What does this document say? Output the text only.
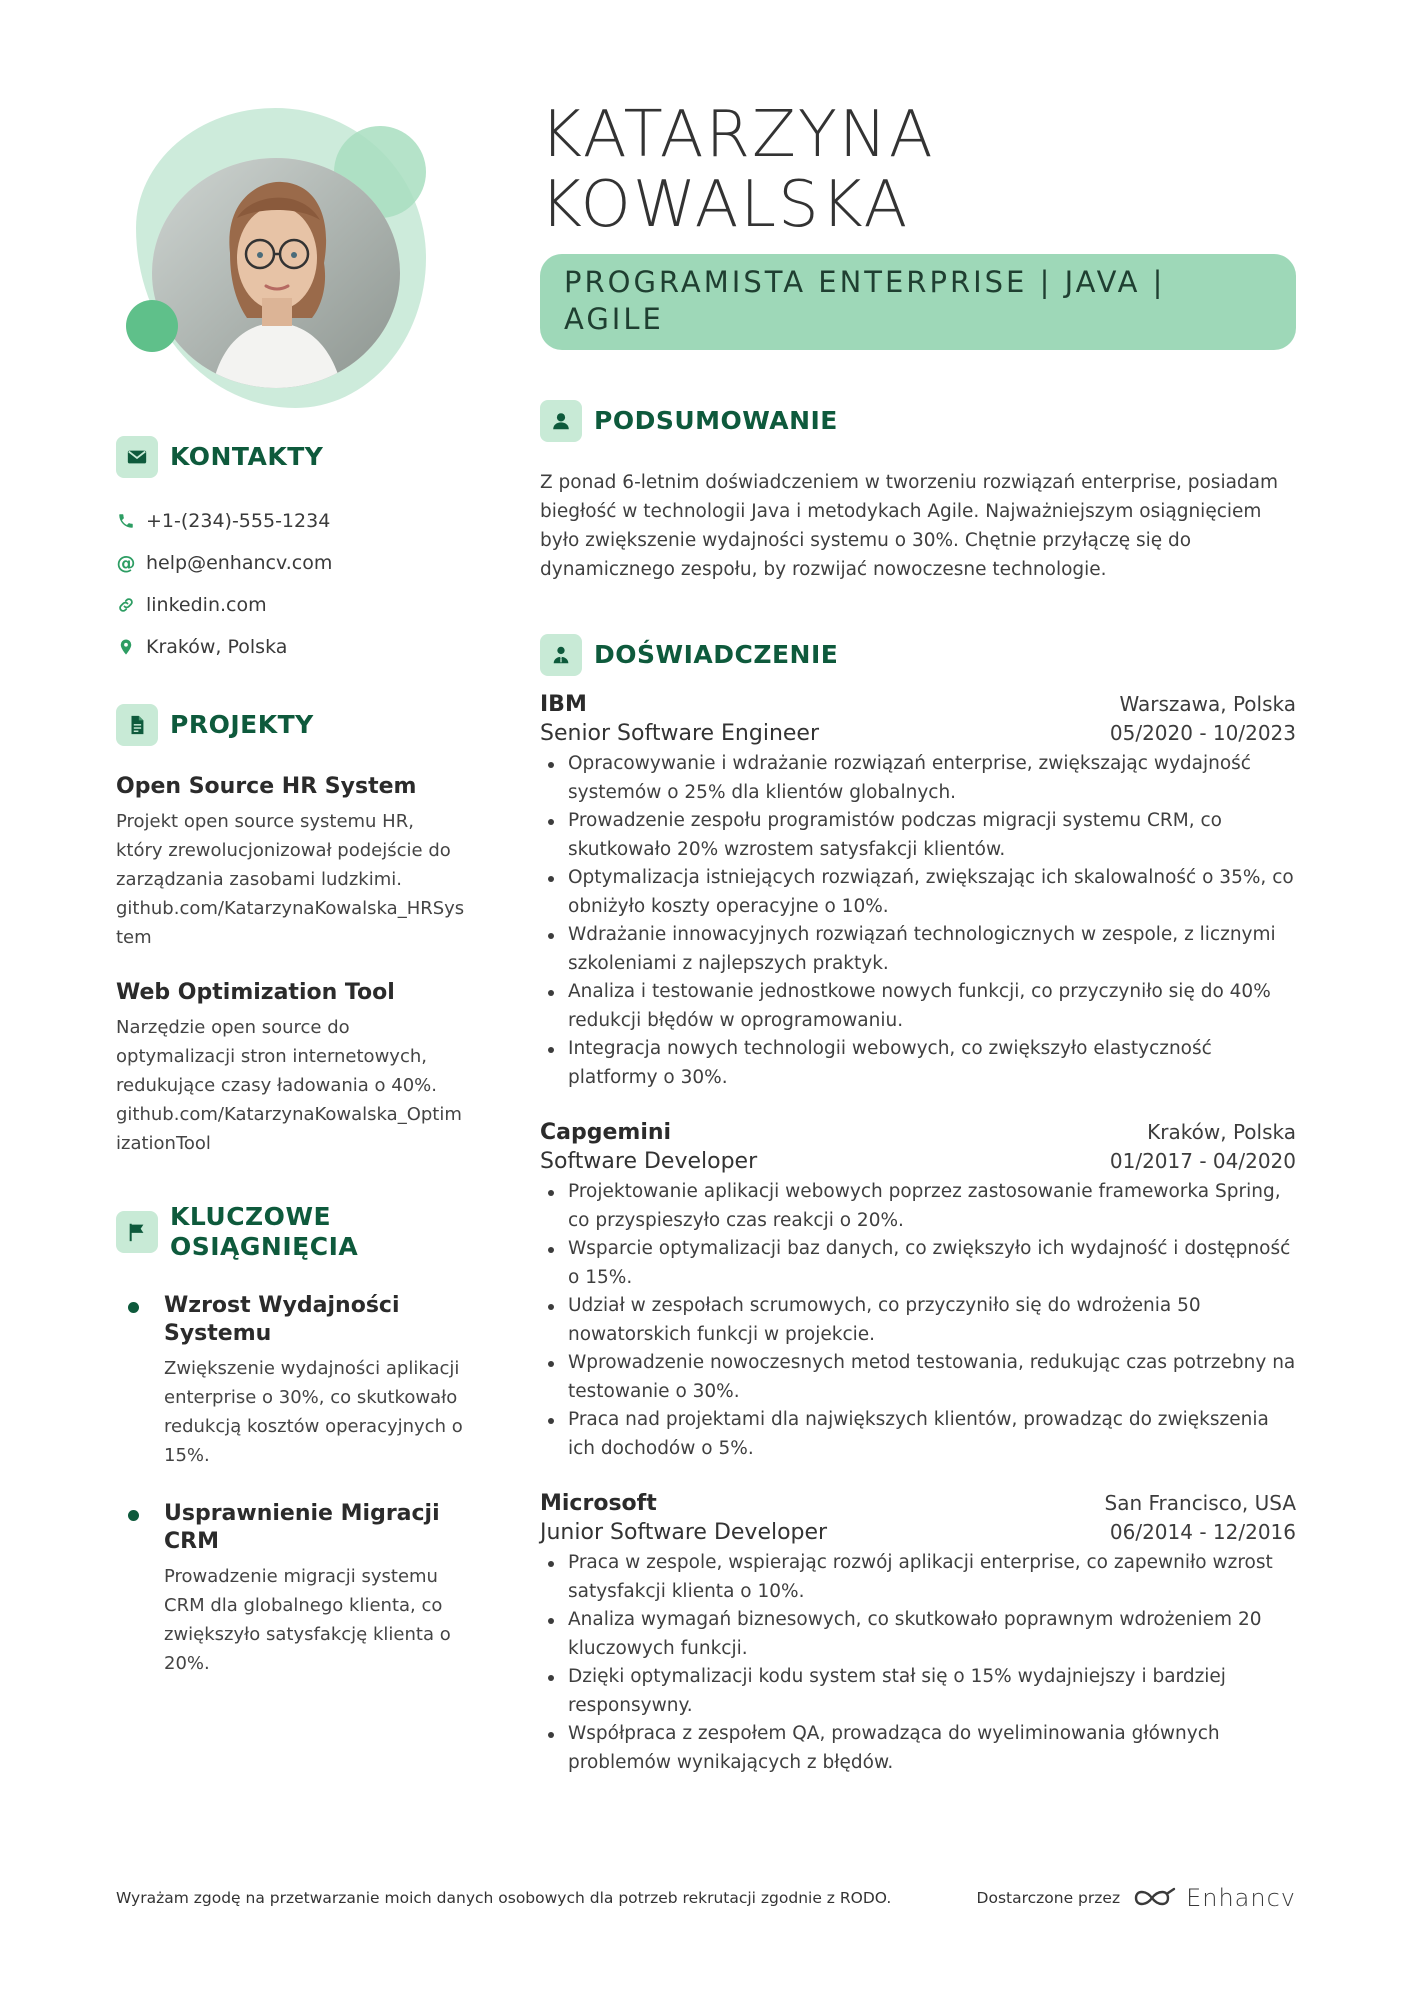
KONTAKTY
+1-(234)-555-1234
@ help@enhancv.com
linkedin.com
Kraków, Polska
PROJEKTY
Open Source HR System
Projekt open source systemu HR, który zrewolucjonizował podejście do zarządzania zasobami ludzkimi.
github.com/KatarzynaKowalska_HRSystem
Web Optimization Tool
Narzędzie open source do optymalizacji stron internetowych, redukujące czasy ładowania o 40%.
github.com/KatarzynaKowalska_OptimizationTool
KLUCZOWE OSIĄGNIĘCIA
Wzrost Wydajności Systemu
Zwiększenie wydajności aplikacji enterprise o 30%, co skutkowało redukcją kosztów operacyjnych o 15%.
Usprawnienie Migracji CRM
Prowadzenie migracji systemu CRM dla globalnego klienta, co zwiększyło satysfakcję klienta o 20%.
KATARZYNA
KOWALSKA
PROGRAMISTA ENTERPRISE | JAVA | AGILE
PODSUMOWANIE
Z ponad 6-letnim doświadczeniem w tworzeniu rozwiązań enterprise, posiadam biegłość w technologii Java i metodykach Agile. Najważniejszym osiągnięciem było zwiększenie wydajności systemu o 30%. Chętnie przyłączę się do dynamicznego zespołu, by rozwijać nowoczesne technologie.
DOŚWIADCZENIE
IBM	Warszawa, Polska
Senior Software Engineer	05/2020 - 10/2023
Opracowywanie i wdrażanie rozwiązań enterprise, zwiększając wydajność systemów o 25% dla klientów globalnych.
Prowadzenie zespołu programistów podczas migracji systemu CRM, co skutkowało 20% wzrostem satysfakcji klientów.
Optymalizacja istniejących rozwiązań, zwiększając ich skalowalność o 35%, co obniżyło koszty operacyjne o 10%.
Wdrażanie innowacyjnych rozwiązań technologicznych w zespole, z licznymi szkoleniami z najlepszych praktyk.
Analiza i testowanie jednostkowe nowych funkcji, co przyczyniło się do 40% redukcji błędów w oprogramowaniu.
Integracja nowych technologii webowych, co zwiększyło elastyczność platformy o 30%.
Capgemini	Kraków, Polska
Software Developer	01/2017 - 04/2020
Projektowanie aplikacji webowych poprzez zastosowanie frameworka Spring, co przyspieszyło czas reakcji o 20%.
Wsparcie optymalizacji baz danych, co zwiększyło ich wydajność i dostępność o 15%.
Udział w zespołach scrumowych, co przyczyniło się do wdrożenia 50 nowatorskich funkcji w projekcie.
Wprowadzenie nowoczesnych metod testowania, redukując czas potrzebny na testowanie o 30%.
Praca nad projektami dla największych klientów, prowadząc do zwiększenia ich dochodów o 5%.
Microsoft	San Francisco, USA
Junior Software Developer	06/2014 - 12/2016
Praca w zespole, wspierając rozwój aplikacji enterprise, co zapewniło wzrost satysfakcji klienta o 10%.
Analiza wymagań biznesowych, co skutkowało poprawnym wdrożeniem 20 kluczowych funkcji.
Dzięki optymalizacji kodu system stał się o 15% wydajniejszy i bardziej responsywny.
Współpraca z zespołem QA, prowadząca do wyeliminowania głównych problemów wynikających z błędów.
Wyrażam zgodę na przetwarzanie moich danych osobowych dla potrzeb rekrutacji zgodnie z RODO.	Dostarczone przez	Enhancv
